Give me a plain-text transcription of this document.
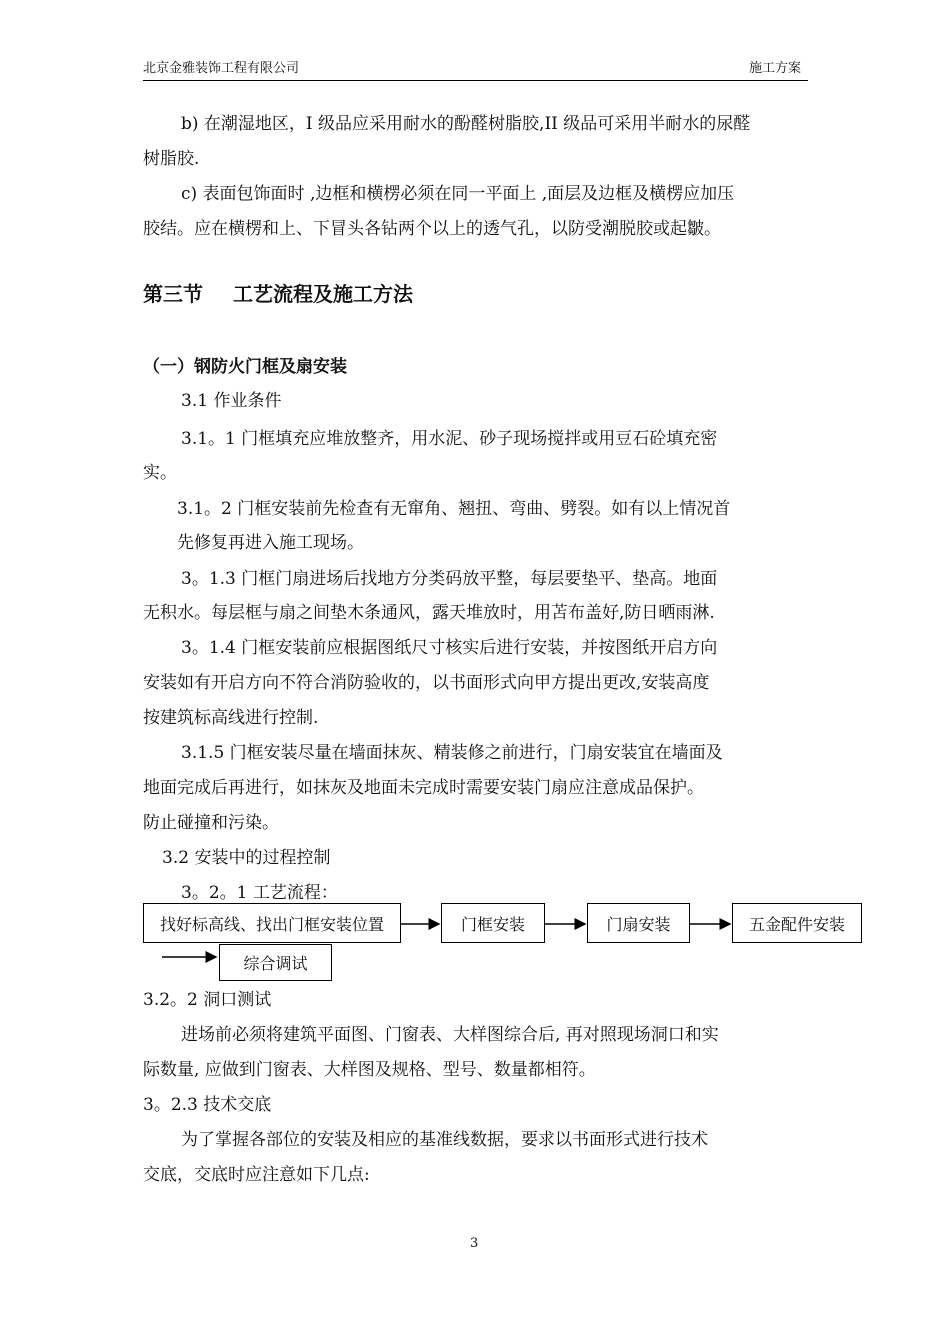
北京金雅装饰工程有限公司	施工方案
b) 在潮湿地区，I 级品应采用耐水的酚醛树脂胶,II 级品可采用半耐水的尿醛
树脂胶.
c) 表面包饰面时 ,边框和横楞必须在同一平面上 ,面层及边框及横楞应加压
胶结。应在横楞和上、下冒头各钻两个以上的透气孔，以防受潮脱胶或起皺。
第三节 工艺流程及施工方法
（一）钢防火门框及扇安装
3.1 作业条件
3.1。1 门框填充应堆放整齐，用水泥、砂子现场搅拌或用豆石砼填充密
实。
3.1。2 门框安装前先检查有无窜角、翘扭、弯曲、劈裂。如有以上情况首
先修复再进入施工现场。
3。1.3 门框门扇进场后找地方分类码放平整，每层要垫平、垫高。地面
无积水。每层框与扇之间垫木条通风，露天堆放时，用苫布盖好,防日晒雨淋.
3。1.4 门框安装前应根据图纸尺寸核实后进行安装，并按图纸开启方向
安装如有开启方向不符合消防验收的，以书面形式向甲方提出更改,安装高度
按建筑标高线进行控制.
3.1.5 门框安装尽量在墙面抹灰、精装修之前进行，门扇安装宜在墙面及
地面完成后再进行，如抹灰及地面未完成时需要安装门扇应注意成品保护。
防止碰撞和污染。
3.2 安装中的过程控制
3。2。1 工艺流程：
找好标高线、找出门框安装位置	门框安装	门扇安装	五金配件安装
综合调试
3.2。2 洞口测试
进场前必须将建筑平面图、门窗表、大样图综合后, 再对照现场洞口和实
际数量, 应做到门窗表、大样图及规格、型号、数量都相符。
3。2.3 技术交底
为了掌握各部位的安装及相应的基准线数据，要求以书面形式进行技术
交底，交底时应注意如下几点:
3
